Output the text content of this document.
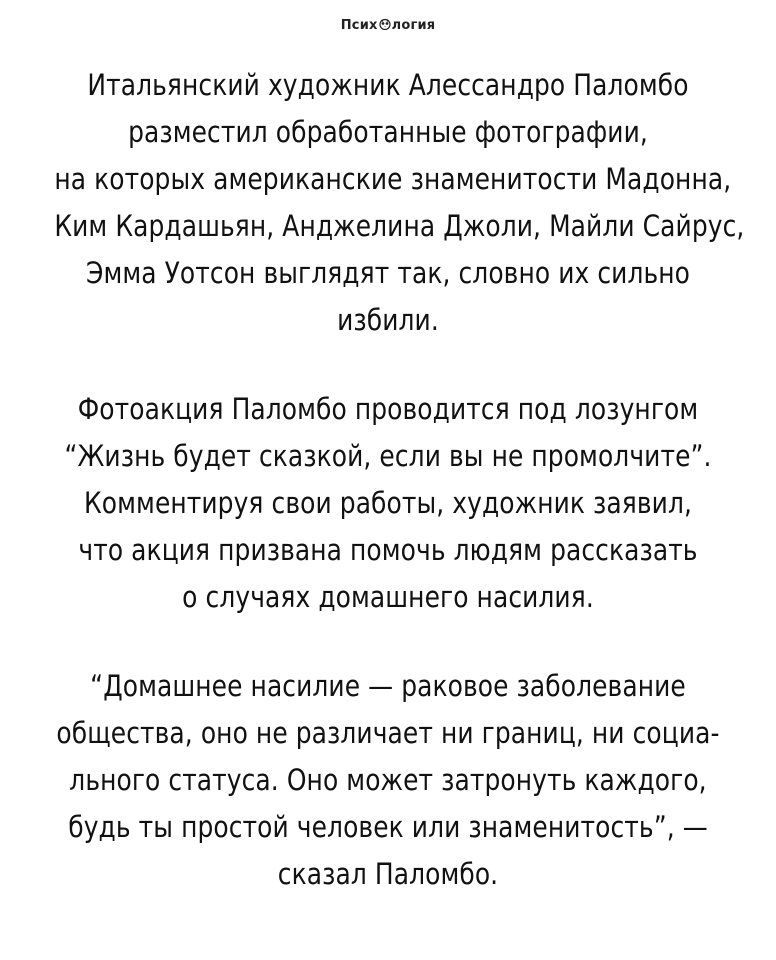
Псих логия
Итальянский художник Алессандро Паломбо
разместил обработанные фотографии,
на которых американские знаменитости Мадонна,
Ким Кардашьян, Анджелина Джоли, Майли Сайрус,
Эмма Уотсон выглядят так, словно их сильно
избили.
Фотоакция Паломбо проводится под лозунгом
“Жизнь будет сказкой, если вы не промолчите”.
Комментируя свои работы, художник заявил,
что акция призвана помочь людям рассказать
о случаях домашнего насилия.
“Домашнее насилие — раковое заболевание
общества, оно не различает ни границ, ни социа-
льного статуса. Оно может затронуть каждого,
будь ты простой человек или знаменитость”, —
сказал Паломбо.
